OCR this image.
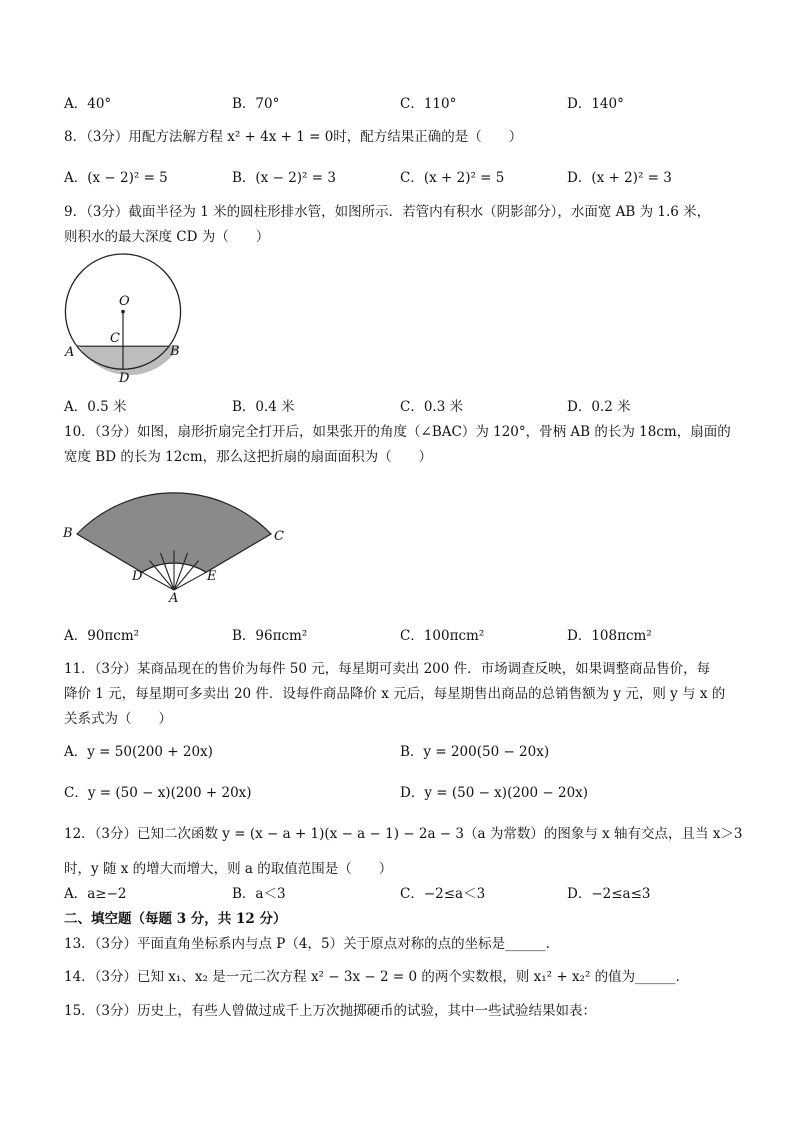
A．40°	B．70°	C．110°	D．140°
8．（3分）用配方法解方程 x² + 4x + 1 = 0时，配方结果正确的是（　　）
A．(x − 2)² = 5	B．(x − 2)² = 3	C．(x + 2)² = 5	D．(x + 2)² = 3
9．（3分）截面半径为 1 米的圆柱形排水管，如图所示．若管内有积水（阴影部分），水面宽 AB 为 1.6 米，
则积水的最大深度 CD 为（　　）
O
C
A	B
D
A．0.5 米	B．0.4 米	C．0.3 米	D．0.2 米
10．（3分）如图，扇形折扇完全打开后，如果张开的角度（∠BAC）为 120°，骨柄 AB 的长为 18cm，扇面的
宽度 BD 的长为 12cm，那么这把折扇的扇面面积为（　　）
B	C
D	E
A
A．90πcm²	B．96πcm²	C．100πcm²	D．108πcm²
11．（3分）某商品现在的售价为每件 50 元，每星期可卖出 200 件．市场调查反映，如果调整商品售价，每
降价 1 元，每星期可多卖出 20 件．设每件商品降价 x 元后，每星期售出商品的总销售额为 y 元，则 y 与 x 的
关系式为（　　）
A．y = 50(200 + 20x)	B．y = 200(50 − 20x)
C．y = (50 − x)(200 + 20x)	D．y = (50 − x)(200 − 20x)
12．（3分）已知二次函数 y = (x − a + 1)(x − a − 1) − 2a − 3（a 为常数）的图象与 x 轴有交点，且当 x＞3
时，y 随 x 的增大而增大，则 a 的取值范围是（　　）
A．a≥−2	B．a＜3	C．−2≤a＜3	D．−2≤a≤3
二、填空题（每题 3 分，共 12 分）
13．（3分）平面直角坐标系内与点 P（4，5）关于原点对称的点的坐标是______．
14．（3分）已知 x₁、x₂ 是一元二次方程 x² − 3x − 2 = 0 的两个实数根，则 x₁² + x₂² 的值为______．
15．（3分）历史上，有些人曾做过成千上万次抛掷硬币的试验，其中一些试验结果如表：
